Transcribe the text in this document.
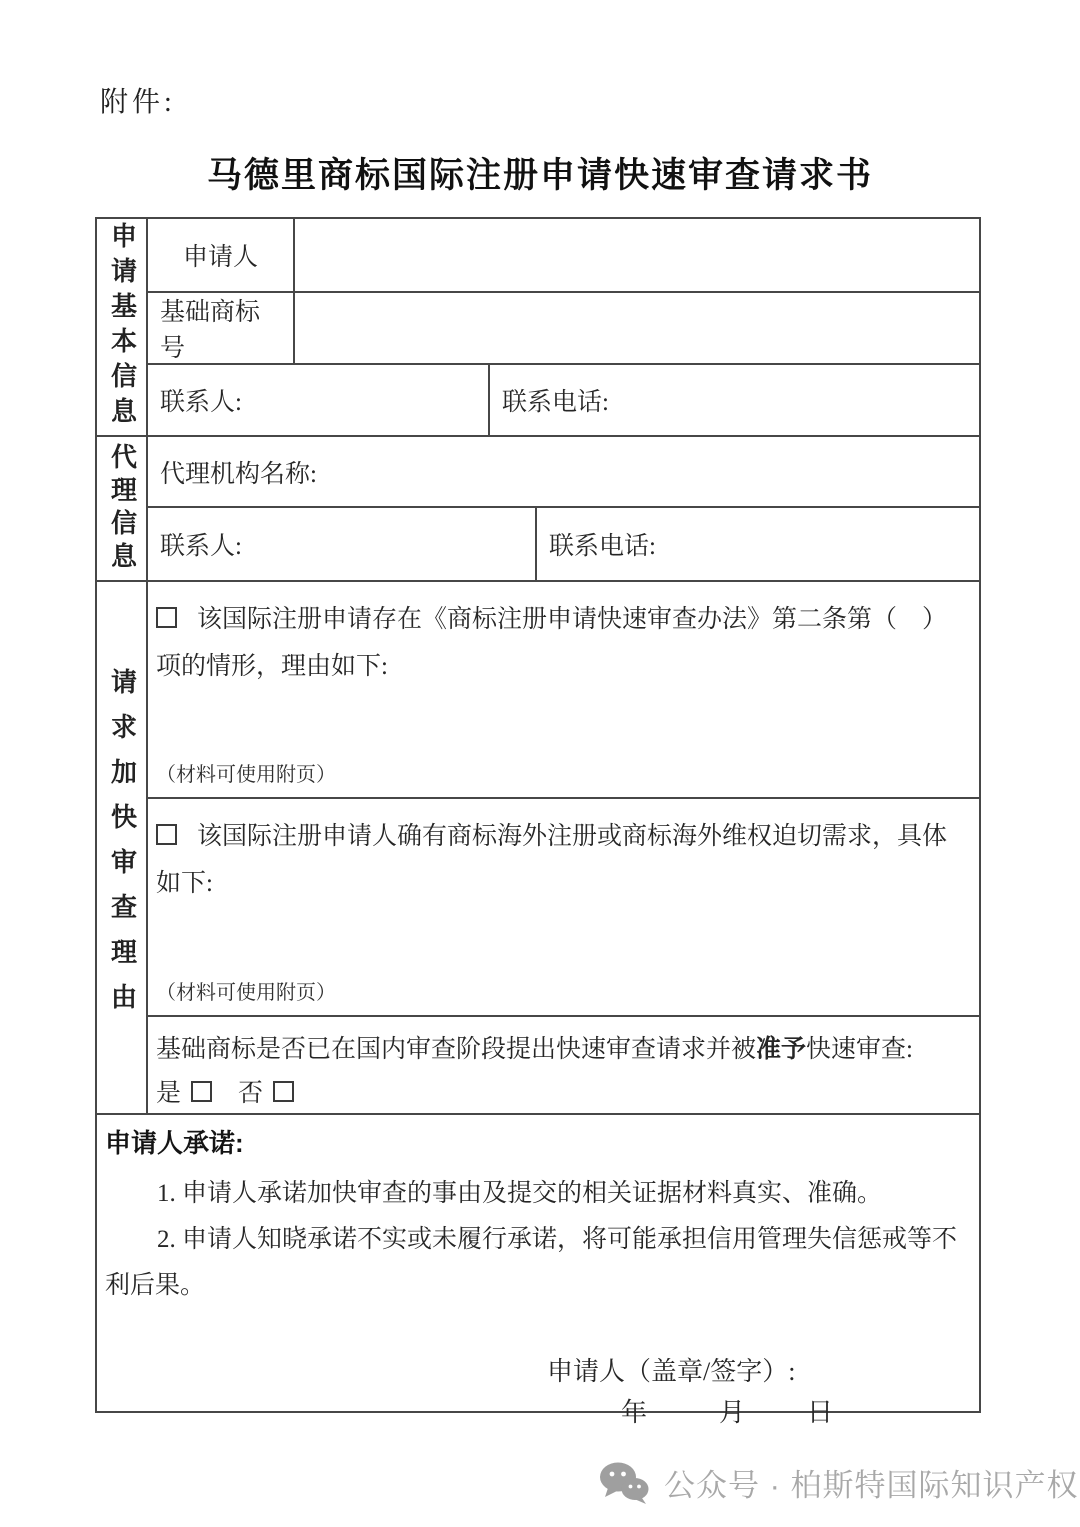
附件:
马德里商标国际注册申请快速审查请求书
申请基本信息	申请人
基础商标号
联系人:	联系电话:
代理信息 代理机构名称:
联系人:	联系电话:
请求加快审查理由
该国际注册申请存在《商标注册申请快速审查办法》第二条第（　）项的情形，理由如下:
（材料可使用附页）
该国际注册申请人确有商标海外注册或商标海外维权迫切需求，具体如下:
（材料可使用附页）
基础商标是否已在国内审查阶段提出快速审查请求并被准予快速审查:
是 否
申请人承诺:
1. 申请人承诺加快审查的事由及提交的相关证据材料真实、准确。
2. 申请人知晓承诺不实或未履行承诺，将可能承担信用管理失信惩戒等不利后果。
申请人（盖章/签字）:
年	月 日
公众号 · 柏斯特国际知识产权
